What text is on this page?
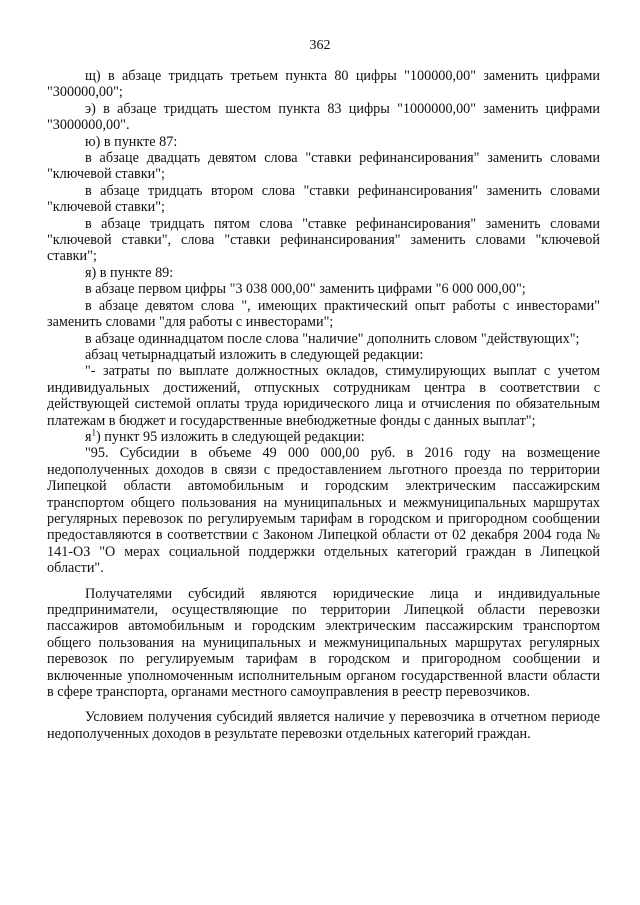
362

щ) в абзаце тридцать третьем пункта 80 цифры "100000,00" заменить цифрами "300000,00";

э) в абзаце тридцать шестом пункта 83 цифры "1000000,00" заменить цифрами "3000000,00".

ю) в пункте 87:

в абзаце двадцать девятом слова "ставки рефинансирования" заменить словами "ключевой ставки";

в абзаце тридцать втором слова "ставки рефинансирования" заменить словами "ключевой ставки";

в абзаце тридцать пятом слова "ставке рефинансирования" заменить словами "ключевой ставки", слова "ставки рефинансирования" заменить словами "ключевой ставки";

я) в пункте 89:

в абзаце первом цифры "3 038 000,00" заменить цифрами "6 000 000,00";

в абзаце девятом слова ", имеющих практический опыт работы с инвесторами" заменить словами "для работы с инвесторами";

в абзаце одиннадцатом после слова "наличие" дополнить словом "действующих";

абзац четырнадцатый изложить в следующей редакции:

"- затраты по выплате должностных окладов, стимулирующих выплат с учетом индивидуальных достижений, отпускных сотрудникам центра в соответствии с действующей системой оплаты труда юридического лица и отчисления по обязательным платежам в бюджет и государственные внебюджетные фонды с данных выплат";

$я^1$) пункт 95 изложить в следующей редакции:

"95. Субсидии в объеме 49 000 000,00 руб. в 2016 году на возмещение недополученных доходов в связи с предоставлением льготного проезда по территории Липецкой области автомобильным и городским электрическим пассажирским транспортом общего пользования на муниципальных и межмуниципальных маршрутах регулярных перевозок по регулируемым тарифам в городском и пригородном сообщении предоставляются в соответствии с Законом Липецкой области от 02 декабря 2004 года № 141-ОЗ "О мерах социальной поддержки отдельных категорий граждан в Липецкой области".

Получателями субсидий являются юридические лица и индивидуальные предприниматели, осуществляющие по территории Липецкой области перевозки пассажиров автомобильным и городским электрическим пассажирским транспортом общего пользования на муниципальных и межмуниципальных маршрутах регулярных перевозок по регулируемым тарифам в городском и пригородном сообщении и включенные уполномоченным исполнительным органом государственной власти области в сфере транспорта, органами местного самоуправления в реестр перевозчиков.

Условием получения субсидий является наличие у перевозчика в отчетном периоде недополученных доходов в результате перевозки отдельных категорий граждан.
